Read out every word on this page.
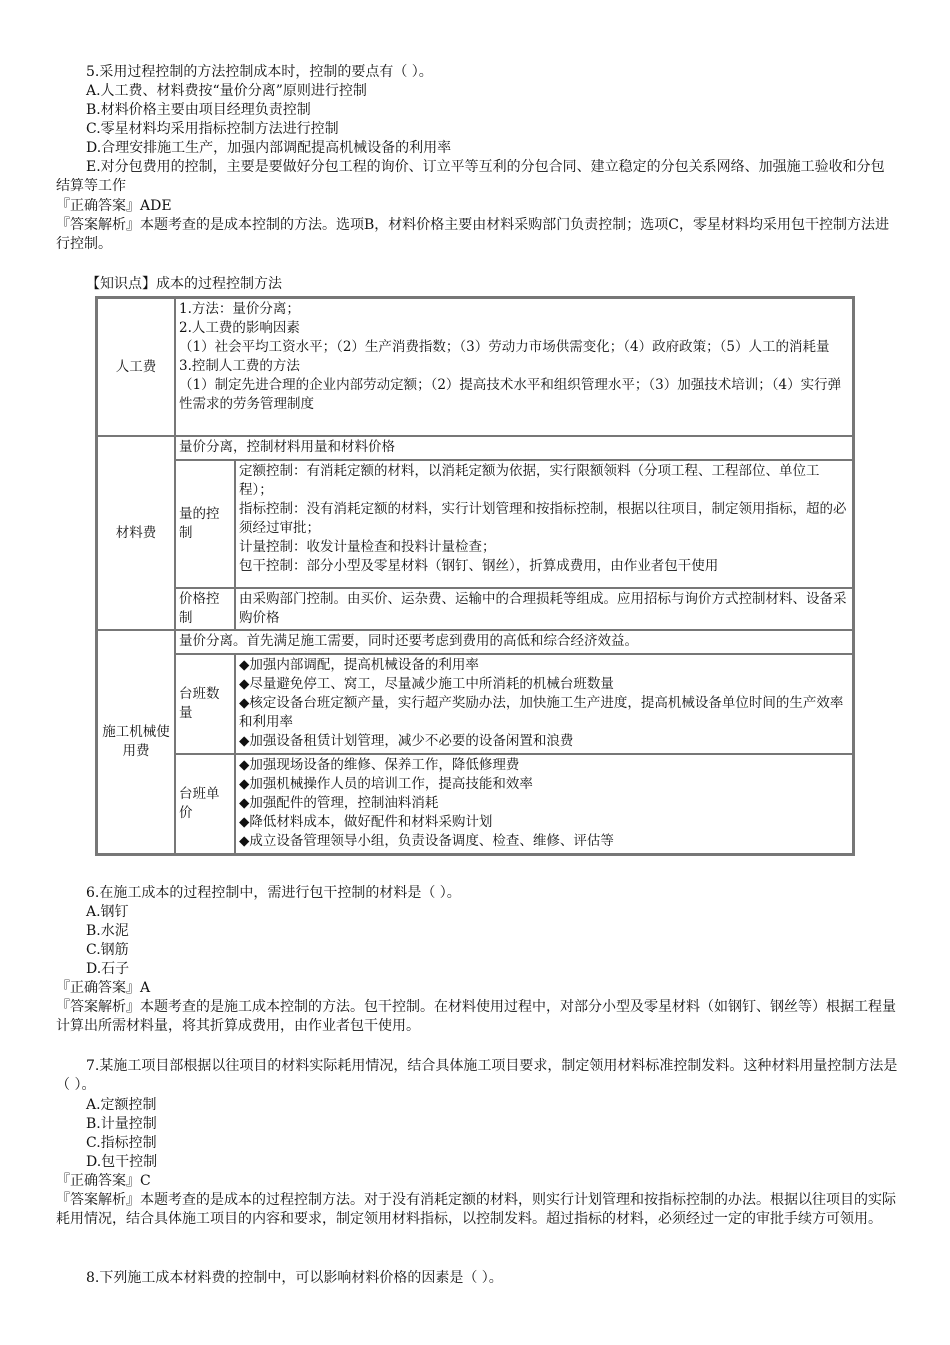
5.采用过程控制的方法控制成本时，控制的要点有（ ）。
A.人工费、材料费按“量价分离”原则进行控制
B.材料价格主要由项目经理负责控制
C.零星材料均采用指标控制方法进行控制
D.合理安排施工生产，加强内部调配提高机械设备的利用率
E.对分包费用的控制，主要是要做好分包工程的询价、订立平等互利的分包合同、建立稳定的分包关系网络、加强施工验收和分包结算等工作
『正确答案』ADE
『答案解析』本题考查的是成本控制的方法。选项B，材料价格主要由材料采购部门负责控制；选项C，零星材料均采用包干控制方法进行控制。
【知识点】成本的过程控制方法
人工费	1.方法：量价分离；
2.人工费的影响因素
（1）社会平均工资水平；（2）生产消费指数；（3）劳动力市场供需变化；（4）政府政策；（5）人工的消耗量
3.控制人工费的方法
（1）制定先进合理的企业内部劳动定额；（2）提高技术水平和组织管理水平；（3）加强技术培训；（4）实行弹性需求的劳务管理制度	

材料费	量价分离，控制材料用量和材料价格	
	量的控制	定额控制：有消耗定额的材料，以消耗定额为依据，实行限额领料（分项工程、工程部位、单位工程）；
指标控制：没有消耗定额的材料，实行计划管理和按指标控制，根据以往项目，制定领用指标，超的必须经过审批；
计量控制：收发计量检查和投料计量检查；
包干控制：部分小型及零星材料（钢钉、钢丝），折算成费用，由作业者包干使用

	价格控制	由采购部门控制。由买价、运杂费、运输中的合理损耗等组成。应用招标与询价方式控制材料、设备采购价格
施工机械使用费	量价分离。首先满足施工需要，同时还要考虑到费用的高低和综合经济效益。	
	台班数量	◆加强内部调配，提高机械设备的利用率
◆尽量避免停工、窝工，尽量减少施工中所消耗的机械台班数量
◆核定设备台班定额产量，实行超产奖励办法，加快施工生产进度，提高机械设备单位时间的生产效率和利用率
◆加强设备租赁计划管理，减少不必要的设备闲置和浪费

	台班单价	◆加强现场设备的维修、保养工作，降低修理费
◆加强机械操作人员的培训工作，提高技能和效率
◆加强配件的管理，控制油料消耗
◆降低材料成本，做好配件和材料采购计划
◆成立设备管理领导小组，负责设备调度、检查、维修、评估等
6.在施工成本的过程控制中，需进行包干控制的材料是（ ）。
A.钢钉
B.水泥
C.钢筋
D.石子
『正确答案』A
『答案解析』本题考查的是施工成本控制的方法。包干控制。在材料使用过程中，对部分小型及零星材料（如钢钉、钢丝等）根据工程量计算出所需材料量，将其折算成费用，由作业者包干使用。
7.某施工项目部根据以往项目的材料实际耗用情况，结合具体施工项目要求，制定领用材料标准控制发料。这种材料用量控制方法是（ ）。
A.定额控制
B.计量控制
C.指标控制
D.包干控制
『正确答案』C
『答案解析』本题考查的是成本的过程控制方法。对于没有消耗定额的材料，则实行计划管理和按指标控制的办法。根据以往项目的实际耗用情况，结合具体施工项目的内容和要求，制定领用材料指标，以控制发料。超过指标的材料，必须经过一定的审批手续方可领用。
8.下列施工成本材料费的控制中，可以影响材料价格的因素是（ ）。
